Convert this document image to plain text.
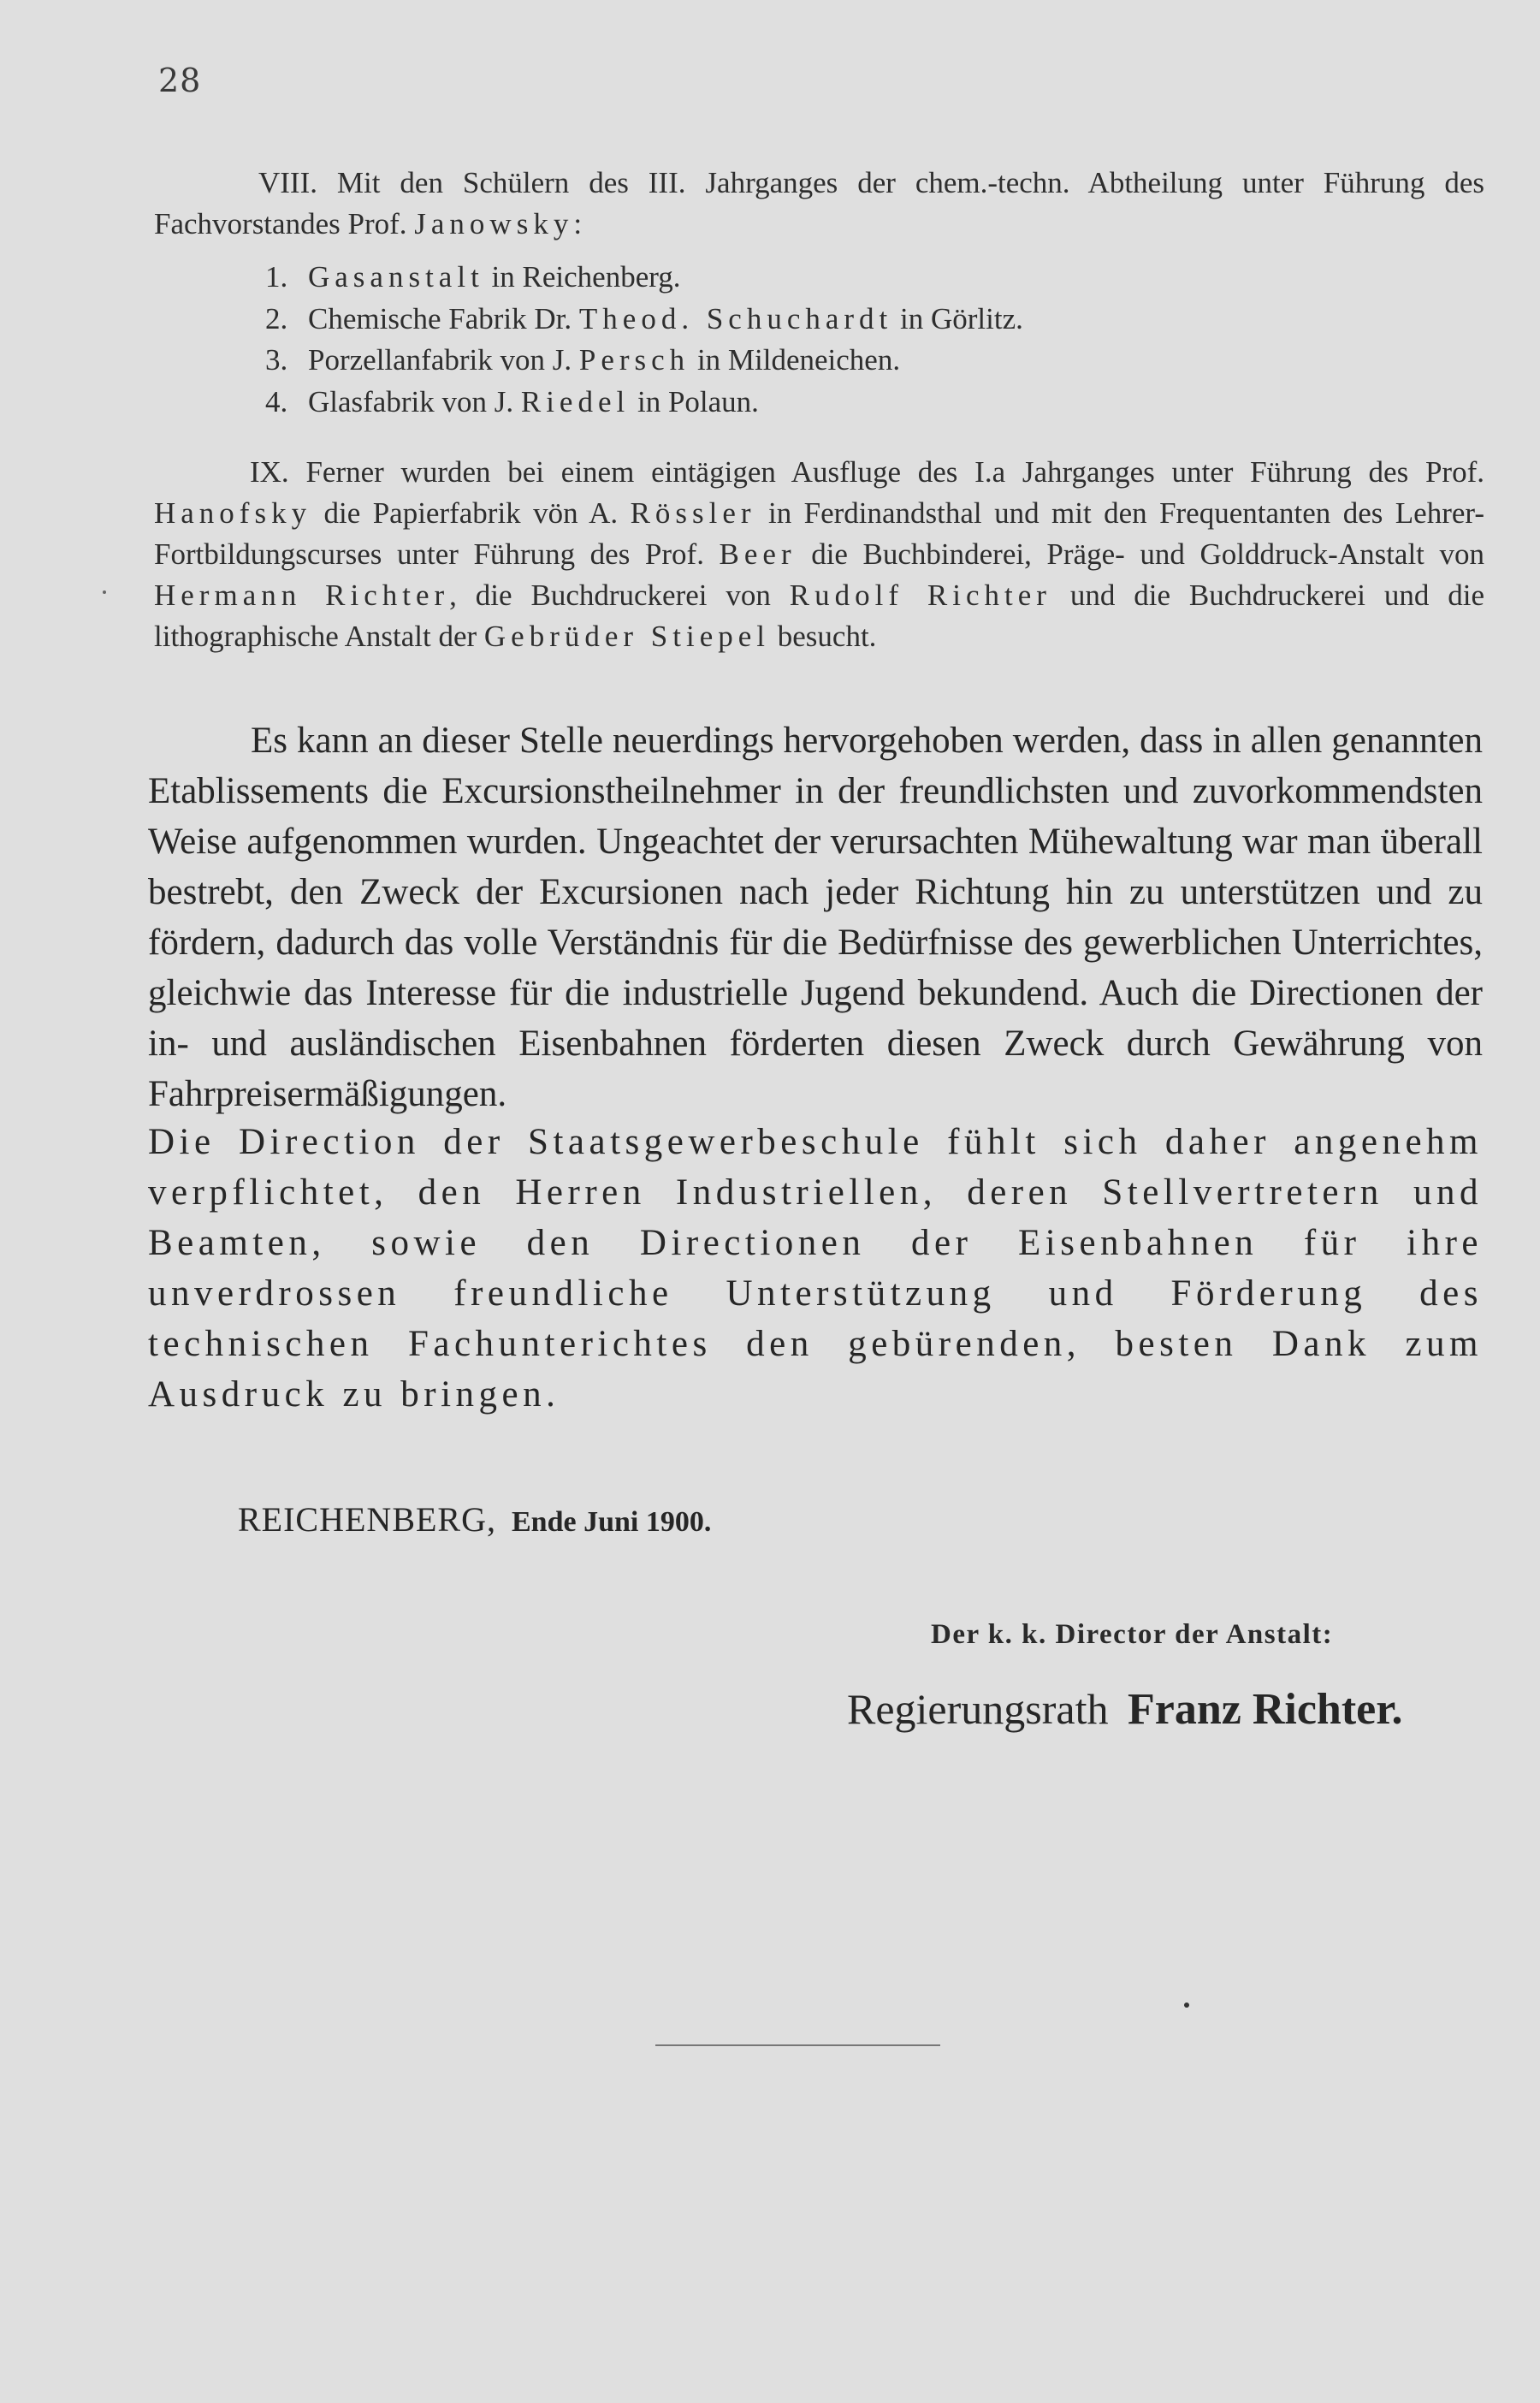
28

VIII. Mit den Schülern des III. Jahrganges der chem.-techn. Abtheilung unter Führung des Fachvorstandes Prof. Janowsky:

1. Gasanstalt in Reichenberg.
2. Chemische Fabrik Dr. Theod. Schuchardt in Görlitz.
3. Porzellanfabrik von J. Persch in Mildeneichen.
4. Glasfabrik von J. Riedel in Polaun.

IX. Ferner wurden bei einem eintägigen Ausfluge des I.a Jahrganges unter Führung des Prof. Hanofsky die Papierfabrik vön A. Rössler in Ferdinandsthal und mit den Frequentanten des Lehrer-Fortbildungscurses unter Führung des Prof. Beer die Buchbinderei, Präge- und Golddruck-Anstalt von Hermann Richter, die Buchdruckerei von Rudolf Richter und die Buchdruckerei und die lithographische Anstalt der Gebrüder Stiepel besucht.

Es kann an dieser Stelle neuerdings hervorgehoben werden, dass in allen genannten Etablissements die Excursionstheilnehmer in der freundlichsten und zuvorkommendsten Weise aufgenommen wurden. Ungeachtet der verursachten Mühewaltung war man überall bestrebt, den Zweck der Excursionen nach jeder Richtung hin zu unterstützen und zu fördern, dadurch das volle Verständnis für die Bedürfnisse des gewerblichen Unterrichtes, gleichwie das Interesse für die industrielle Jugend bekundend. Auch die Directionen der in- und ausländischen Eisenbahnen förderten diesen Zweck durch Gewährung von Fahrpreisermäßigungen.

Die Direction der Staatsgewerbeschule fühlt sich daher angenehm verpflichtet, den Herren Industriellen, deren Stellvertretern und Beamten, sowie den Directionen der Eisenbahnen für ihre unverdrossen freundliche Unterstützung und Förderung des technischen Fachunterichtes den gebürenden, besten Dank zum Ausdruck zu bringen.

REICHENBERG, Ende Juni 1900.
Der k. k. Director der Anstalt:
Regierungsrath Franz Richter.
